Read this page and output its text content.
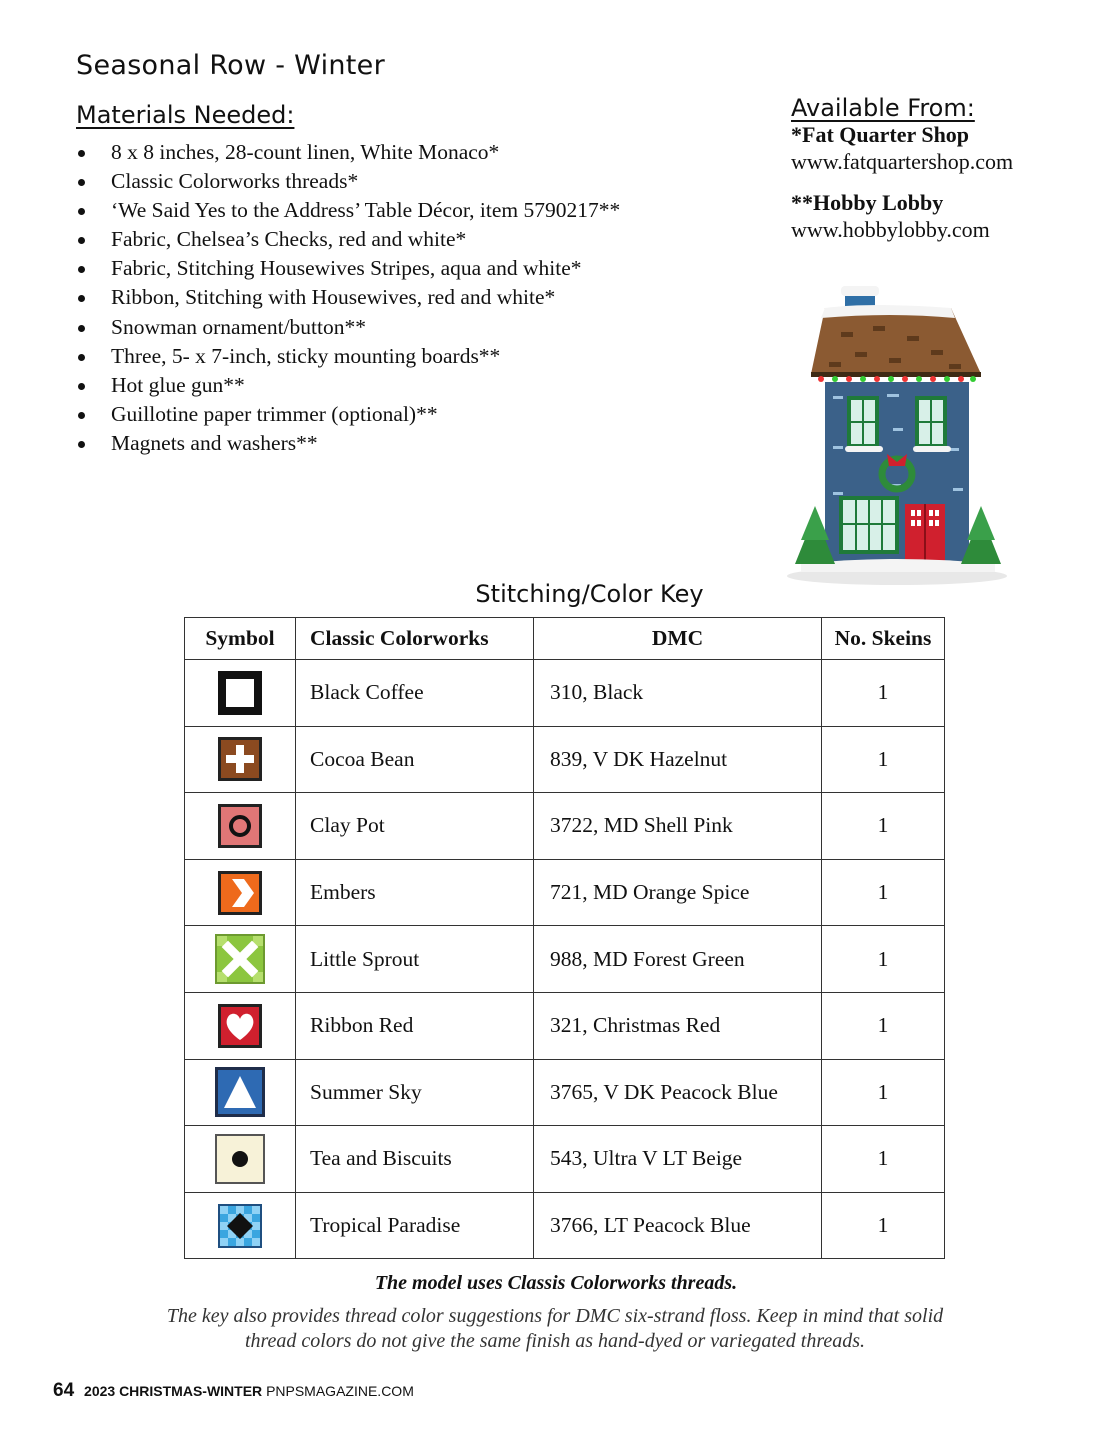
Seasonal Row - Winter
Materials Needed:
8 x 8 inches, 28-count linen, White Monaco*
Classic Colorworks threads*
‘We Said Yes to the Address’ Table Décor, item 5790217**
Fabric, Chelsea’s Checks, red and white*
Fabric, Stitching Housewives Stripes, aqua and white*
Ribbon, Stitching with Housewives, red and white*
Snowman ornament/button**
Three, 5- x 7-inch, sticky mounting boards**
Hot glue gun**
Guillotine paper trimmer (optional)**
Magnets and washers**
Available From:

*Fat Quarter Shop

www.fatquartershop.com

**Hobby Lobby

www.hobbylobby.com

Stitching/Color Key
Symbol	Classic Colorworks	DMC	No. Skeins

	Black Coffee	310, Black	1

	Cocoa Bean	839, V DK Hazelnut	1

	Clay Pot	3722, MD Shell Pink	1

	Embers	721, MD Orange Spice	1

	Little Sprout	988, MD Forest Green	1

	Ribbon Red	321, Christmas Red	1

	Summer Sky	3765, V DK Peacock Blue	1

	Tea and Biscuits	543, Ultra V LT Beige	1

	Tropical Paradise	3766, LT Peacock Blue	1

The model uses Classis Colorworks threads.

The key also provides thread color suggestions for DMC six-strand floss. Keep in mind that solid thread colors do not give the same finish as hand-dyed or variegated threads.

64 2023 CHRISTMAS-WINTER PNPSMAGAZINE.COM
